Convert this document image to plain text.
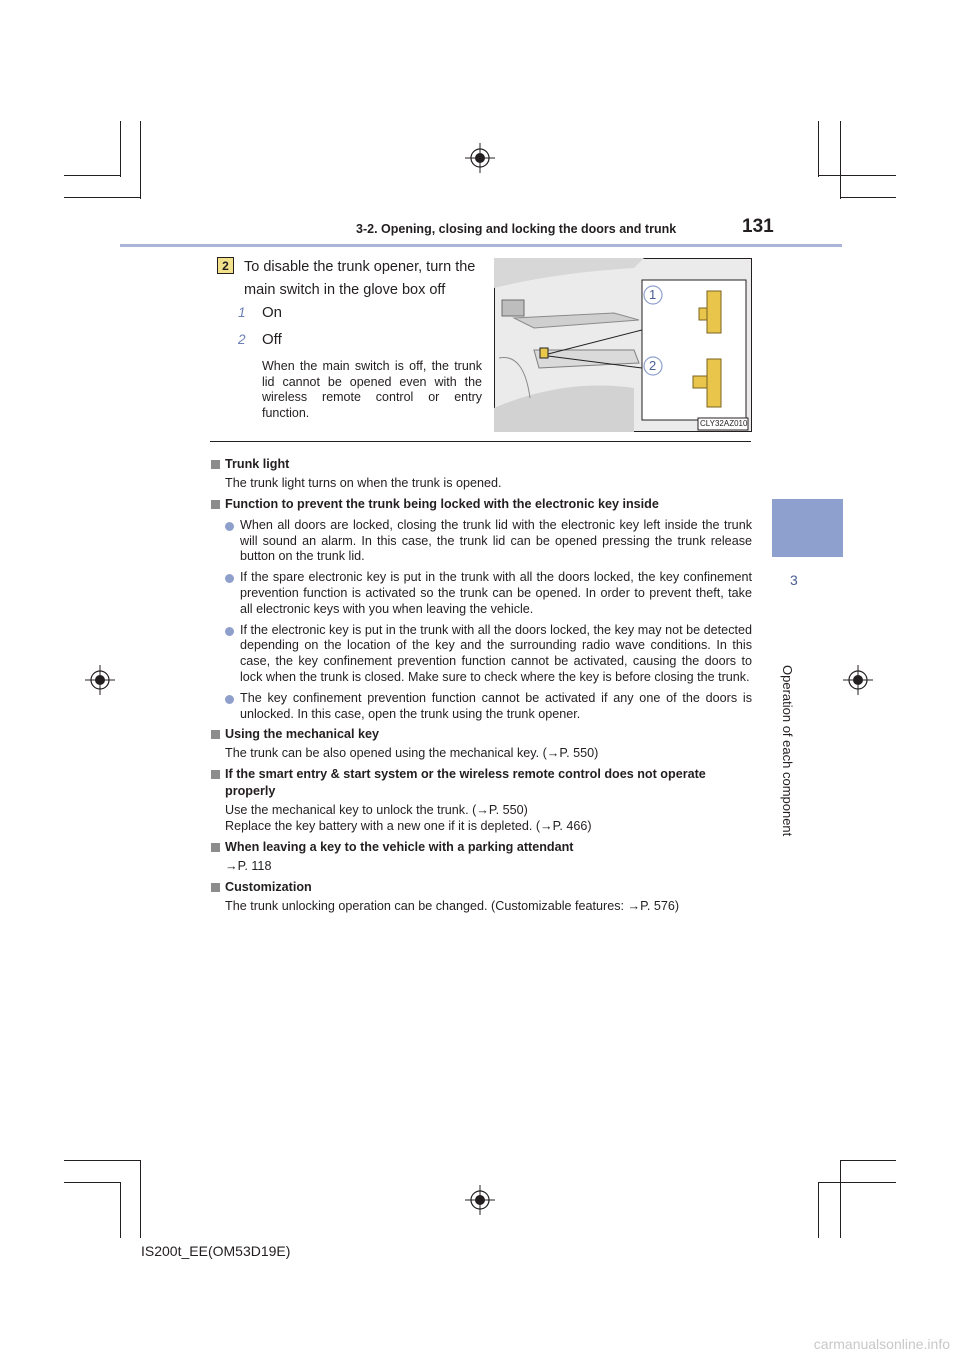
3-2. Opening, closing and locking the doors and trunk	131
3
Operation of each component
2	To disable the trunk opener, turn the main switch in the glove box off
1 On
2 Off
When the main switch is off, the trunk lid cannot be opened even with the wireless remote control or entry function.
1
2
CLY32AZ010
Trunk light
The trunk light turns on when the trunk is opened.
Function to prevent the trunk being locked with the electronic key inside
When all doors are locked, closing the trunk lid with the electronic key left inside the trunk will sound an alarm. In this case, the trunk lid can be opened pressing the trunk release button on the trunk lid.
If the spare electronic key is put in the trunk with all the doors locked, the key confinement prevention function is activated so the trunk can be opened. In order to prevent theft, take all electronic keys with you when leaving the vehicle.
If the electronic key is put in the trunk with all the doors locked, the key may not be detected depending on the location of the key and the surrounding radio wave conditions. In this case, the key confinement prevention function cannot be activated, causing the doors to lock when the trunk is closed. Make sure to check where the key is before closing the trunk.
The key confinement prevention function cannot be activated if any one of the doors is unlocked. In this case, open the trunk using the trunk opener.
Using the mechanical key
The trunk can be also opened using the mechanical key. (→P. 550)
If the smart entry & start system or the wireless remote control does not operate properly
Use the mechanical key to unlock the trunk. (→P. 550)
Replace the key battery with a new one if it is depleted. (→P. 466)
When leaving a key to the vehicle with a parking attendant
→P. 118
Customization
The trunk unlocking operation can be changed. (Customizable features: →P. 576)
IS200t_EE(OM53D19E)
carmanualsonline.info
